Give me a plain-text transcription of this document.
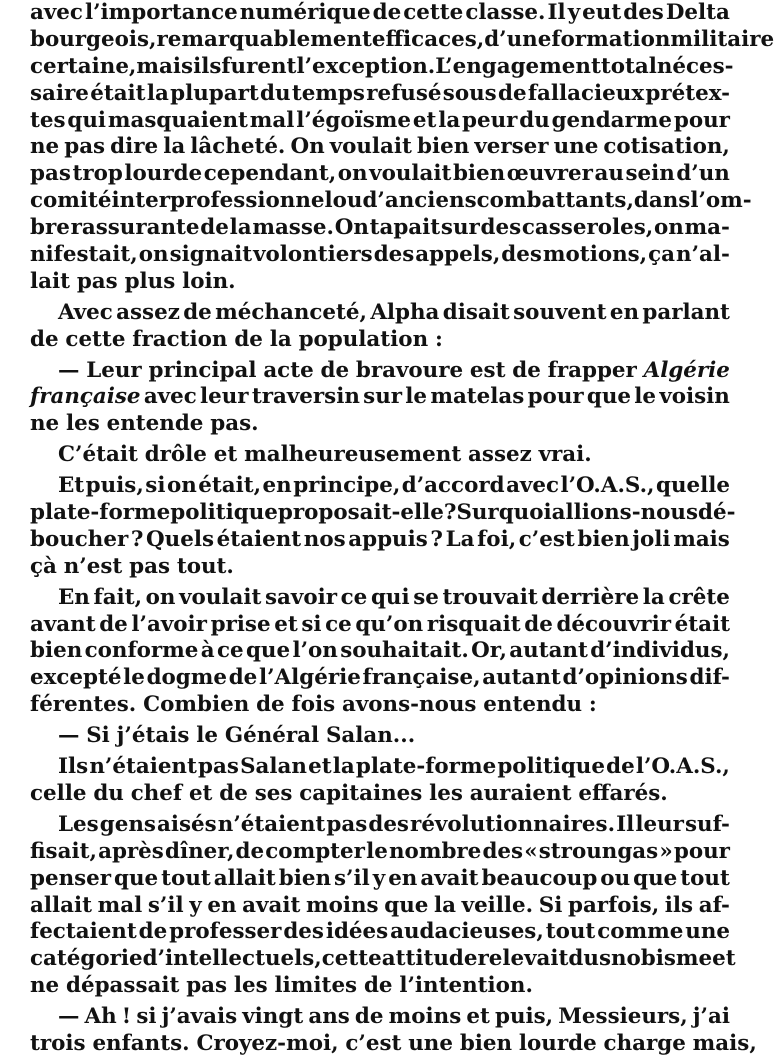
avec l’importance numérique de cette classe. Il y eut des Delta
bourgeois, remarquablement efficaces, d’une formation militaire
certaine, mais ils furent l’exception. L’engagement total néces-
saire était la plupart du temps refusé sous de fallacieux prétex-
tes qui masquaient mal l’égoïsme et la peur du gendarme pour
ne pas dire la lâcheté. On voulait bien verser une cotisation,
pas trop lourde cependant, on voulait bien œuvrer au sein d’un
comité interprofessionnel ou d’anciens combattants, dans l’om-
bre rassurante de la masse. On tapait sur des casseroles, on ma-
nifestait, on signait volontiers des appels, des motions, ça n’al-
lait pas plus loin.
Avec assez de méchanceté, Alpha disait souvent en parlant
de cette fraction de la population :
— Leur principal acte de bravoure est de frapper Algérie
française avec leur traversin sur le matelas pour que le voisin
ne les entende pas.
C’était drôle et malheureusement assez vrai.
Et puis, si on était, en principe, d’accord avec l’O.A.S., quelle
plate-forme politique proposait-elle ? Sur quoi allions-nous dé-
boucher ? Quels étaient nos appuis ? La foi, c’est bien joli mais
çà n’est pas tout.
En fait, on voulait savoir ce qui se trouvait derrière la crête
avant de l’avoir prise et si ce qu’on risquait de découvrir était
bien conforme à ce que l’on souhaitait. Or, autant d’individus,
excepté le dogme de l’Algérie française, autant d’opinions dif-
férentes. Combien de fois avons-nous entendu :
— Si j’étais le Général Salan...
Ils n’étaient pas Salan et la plate-forme politique de l’O.A.S.,
celle du chef et de ses capitaines les auraient effarés.
Les gens aisés n’étaient pas des révolutionnaires. Il leur suf-
fisait, après dîner, de compter le nombre des « stroungas » pour
penser que tout allait bien s’il y en avait beaucoup ou que tout
allait mal s’il y en avait moins que la veille. Si parfois, ils af-
fectaient de professer des idées audacieuses, tout comme une
catégorie d’intellectuels, cette attitude relevait du snobisme et
ne dépassait pas les limites de l’intention.
— Ah ! si j’avais vingt ans de moins et puis, Messieurs, j’ai
trois enfants. Croyez-moi, c’est une bien lourde charge mais,
